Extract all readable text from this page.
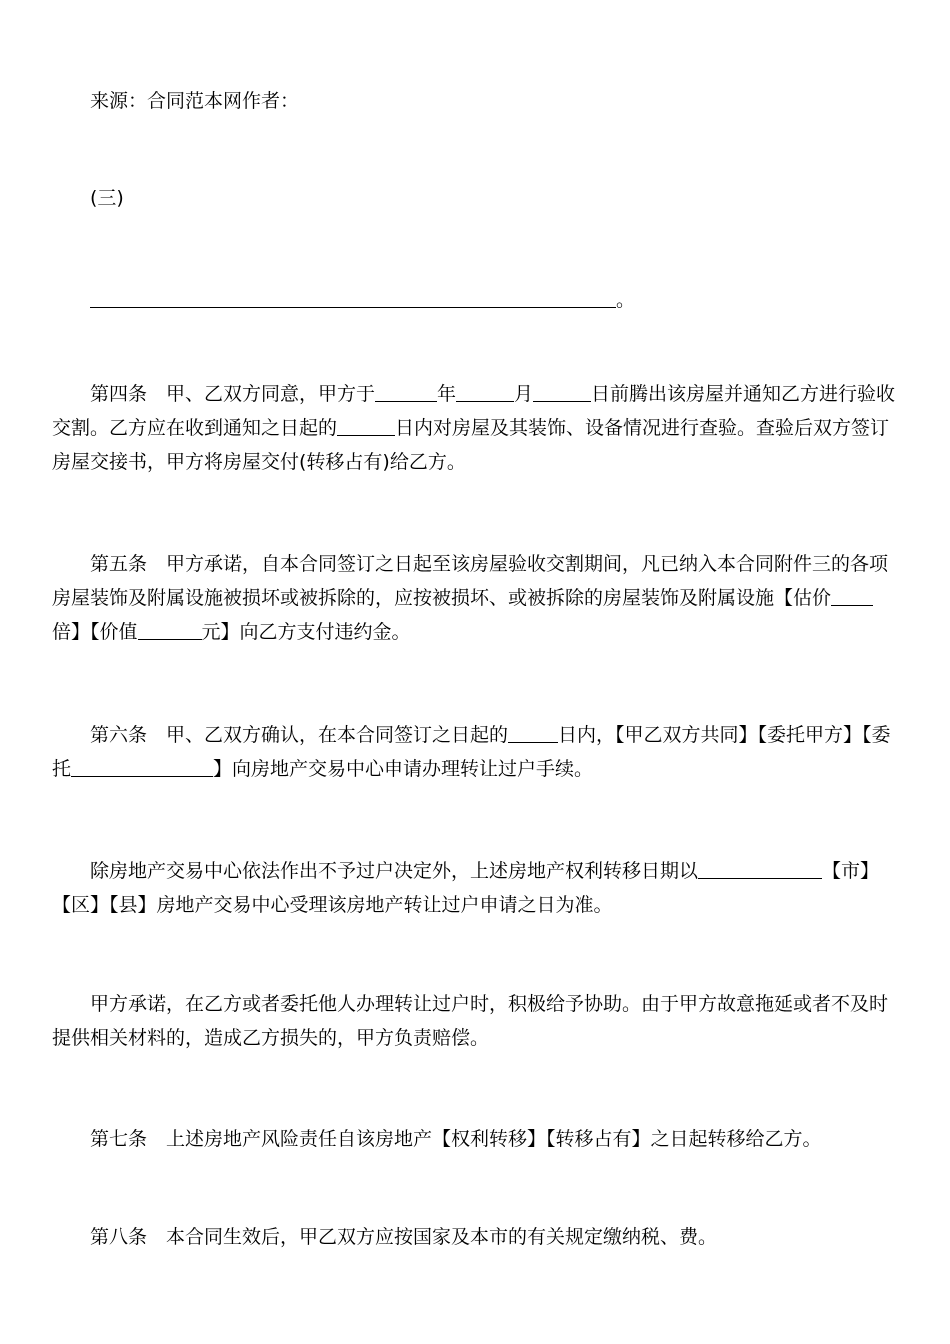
来源：合同范本网作者：
(三)
。
第四条　甲、乙双方同意，甲方于	年	月	日前腾出该房屋并通知乙方进行验收交割。乙方应在收到通知之日起的	日内对房屋及其装饰、设备情况进行查验。查验后双方签订房屋交接书，甲方将房屋交付(转移占有)给乙方。
第五条　甲方承诺，自本合同签订之日起至该房屋验收交割期间，凡已纳入本合同附件三的各项房屋装饰及附属设施被损坏或被拆除的，应按被损坏、或被拆除的房屋装饰及附属设施【估价倍】【价值	元】向乙方支付违约金。
第六条　甲、乙双方确认，在本合同签订之日起的	日内，【甲乙双方共同】【委托甲方】【委托	】向房地产交易中心申请办理转让过户手续。
除房地产交易中心依法作出不予过户决定外，上述房地产权利转移日期以	【市】【区】【县】房地产交易中心受理该房地产转让过户申请之日为准。
甲方承诺，在乙方或者委托他人办理转让过户时，积极给予协助。由于甲方故意拖延或者不及时提供相关材料的，造成乙方损失的，甲方负责赔偿。
第七条　上述房地产风险责任自该房地产【权利转移】【转移占有】之日起转移给乙方。
第八条　本合同生效后，甲乙双方应按国家及本市的有关规定缴纳税、费。
